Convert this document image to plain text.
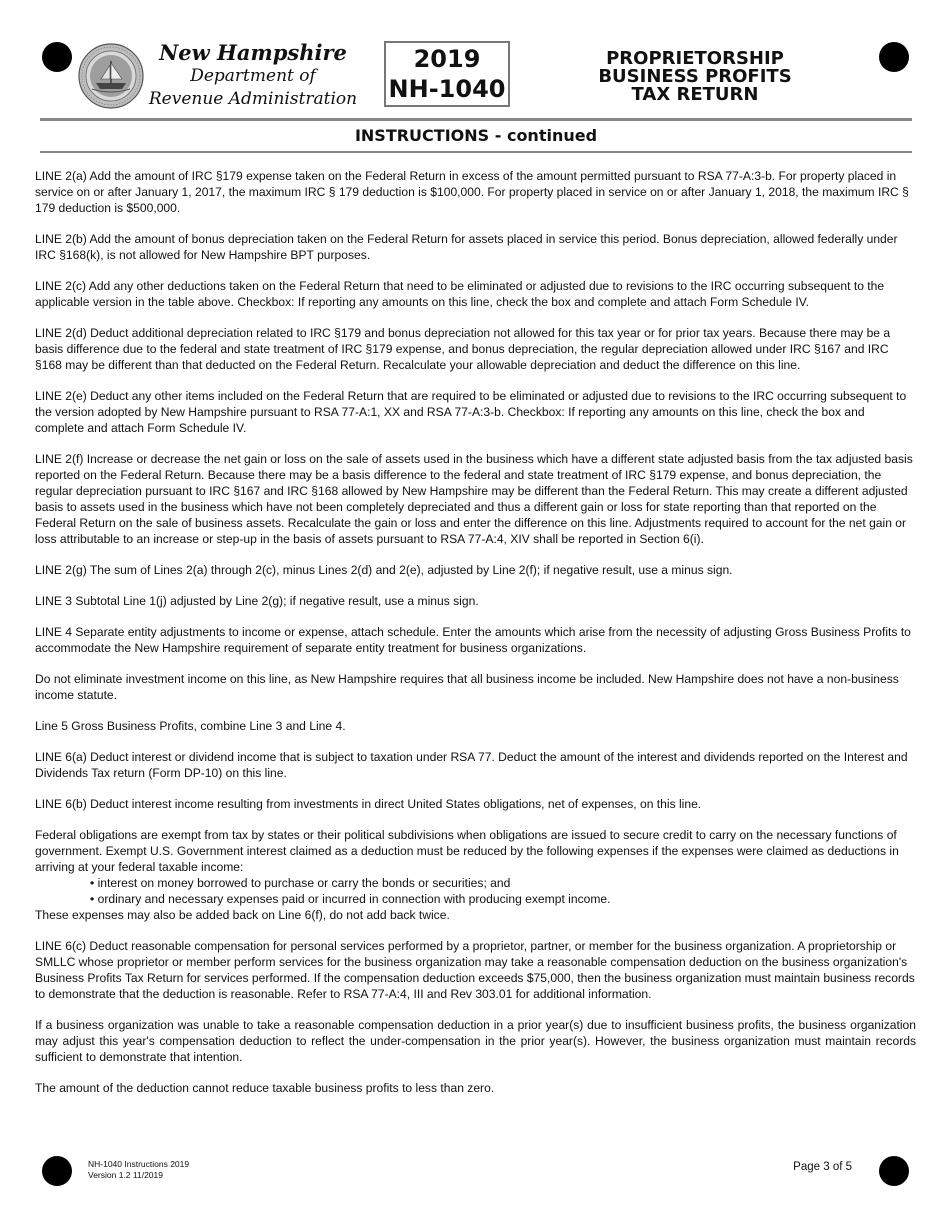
New Hampshire
Department of
Revenue Administration
2019
NH-1040
PROPRIETORSHIP
BUSINESS PROFITS
TAX RETURN
INSTRUCTIONS - continued

LINE 2(a) Add the amount of IRC §179 expense taken on the Federal Return in excess of the amount permitted pursuant to RSA 77-A:3-b. For property placed in service on or after January 1, 2017, the maximum IRC § 179 deduction is $100,000. For property placed in service on or after January 1, 2018, the maximum IRC § 179 deduction is $500,000.

LINE 2(b) Add the amount of bonus depreciation taken on the Federal Return for assets placed in service this period. Bonus depreciation, allowed federally under IRC §168(k), is not allowed for New Hampshire BPT purposes.

LINE 2(c) Add any other deductions taken on the Federal Return that need to be eliminated or adjusted due to revisions to the IRC occurring subsequent to the applicable version in the table above. Checkbox: If reporting any amounts on this line, check the box and complete and attach Form Schedule IV.

LINE 2(d) Deduct additional depreciation related to IRC §179 and bonus depreciation not allowed for this tax year or for prior tax years. Because there may be a basis difference due to the federal and state treatment of IRC §179 expense, and bonus depreciation, the regular depreciation allowed under IRC §167 and IRC §168 may be different than that deducted on the Federal Return. Recalculate your allowable depreciation and deduct the difference on this line.

LINE 2(e) Deduct any other items included on the Federal Return that are required to be eliminated or adjusted due to revisions to the IRC occurring subsequent to the version adopted by New Hampshire pursuant to RSA 77-A:1, XX and RSA 77-A:3-b. Checkbox: If reporting any amounts on this line, check the box and complete and attach Form Schedule IV.

LINE 2(f) Increase or decrease the net gain or loss on the sale of assets used in the business which have a different state adjusted basis from the tax adjusted basis reported on the Federal Return. Because there may be a basis difference to the federal and state treatment of IRC §179 expense, and bonus depreciation, the regular depreciation pursuant to IRC §167 and IRC §168 allowed by New Hampshire may be different than the Federal Return. This may create a different adjusted basis to assets used in the business which have not been completely depreciated and thus a different gain or loss for state reporting than that reported on the Federal Return on the sale of business assets. Recalculate the gain or loss and enter the difference on this line. Adjustments required to account for the net gain or loss attributable to an increase or step-up in the basis of assets pursuant to RSA 77-A:4, XIV shall be reported in Section 6(i).

LINE 2(g) The sum of Lines 2(a) through 2(c), minus Lines 2(d) and 2(e), adjusted by Line 2(f); if negative result, use a minus sign.

LINE 3 Subtotal Line 1(j) adjusted by Line 2(g); if negative result, use a minus sign.

LINE 4 Separate entity adjustments to income or expense, attach schedule. Enter the amounts which arise from the necessity of adjusting Gross Business Profits to accommodate the New Hampshire requirement of separate entity treatment for business organizations.

Do not eliminate investment income on this line, as New Hampshire requires that all business income be included. New Hampshire does not have a non-business income statute.

Line 5 Gross Business Profits, combine Line 3 and Line 4.

LINE 6(a) Deduct interest or dividend income that is subject to taxation under RSA 77. Deduct the amount of the interest and dividends reported on the Interest and Dividends Tax return (Form DP-10) on this line.

LINE 6(b) Deduct interest income resulting from investments in direct United States obligations, net of expenses, on this line.

Federal obligations are exempt from tax by states or their political subdivisions when obligations are issued to secure credit to carry on the necessary functions of government. Exempt U.S. Government interest claimed as a deduction must be reduced by the following expenses if the expenses were claimed as deductions in arriving at your federal taxable income:

• interest on money borrowed to purchase or carry the bonds or securities; and

• ordinary and necessary expenses paid or incurred in connection with producing exempt income.

These expenses may also be added back on Line 6(f), do not add back twice.

LINE 6(c) Deduct reasonable compensation for personal services performed by a proprietor, partner, or member for the business organization. A proprietorship or SMLLC whose proprietor or member perform services for the business organization may take a reasonable compensation deduction on the business organization's Business Profits Tax Return for services performed. If the compensation deduction exceeds $75,000, then the business organization must maintain business records to demonstrate that the deduction is reasonable. Refer to RSA 77-A:4, III and Rev 303.01 for additional information.

If a business organization was unable to take a reasonable compensation deduction in a prior year(s) due to insufficient business profits, the business organization may adjust this year's compensation deduction to reflect the under-compensation in the prior year(s). However, the business organization must maintain records sufficient to demonstrate that intention.

The amount of the deduction cannot reduce taxable business profits to less than zero.

NH-1040 Instructions 2019
Version 1.2 11/2019
Page 3 of 5
